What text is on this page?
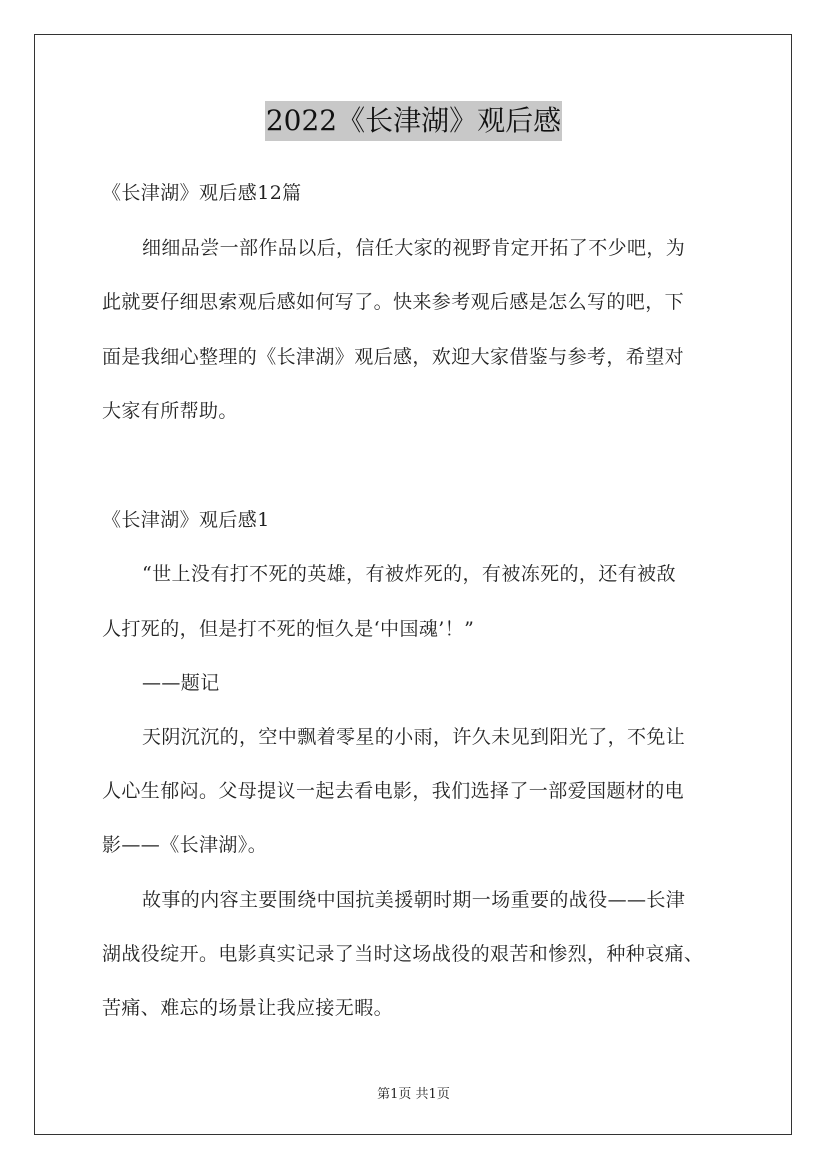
2022《长津湖》观后感
《长津湖》观后感12篇
细细品尝一部作品以后，信任大家的视野肯定开拓了不少吧，为
此就要仔细思索观后感如何写了。快来参考观后感是怎么写的吧，下
面是我细心整理的《长津湖》观后感，欢迎大家借鉴与参考，希望对
大家有所帮助。
《长津湖》观后感1
“世上没有打不死的英雄，有被炸死的，有被冻死的，还有被敌
人打死的，但是打不死的恒久是‘中国魂’！”
——题记
天阴沉沉的，空中飘着零星的小雨，许久未见到阳光了，不免让
人心生郁闷。父母提议一起去看电影，我们选择了一部爱国题材的电
影——《长津湖》。
故事的内容主要围绕中国抗美援朝时期一场重要的战役——长津
湖战役绽开。电影真实记录了当时这场战役的艰苦和惨烈，种种哀痛、
苦痛、难忘的场景让我应接无暇。
第1页 共1页
